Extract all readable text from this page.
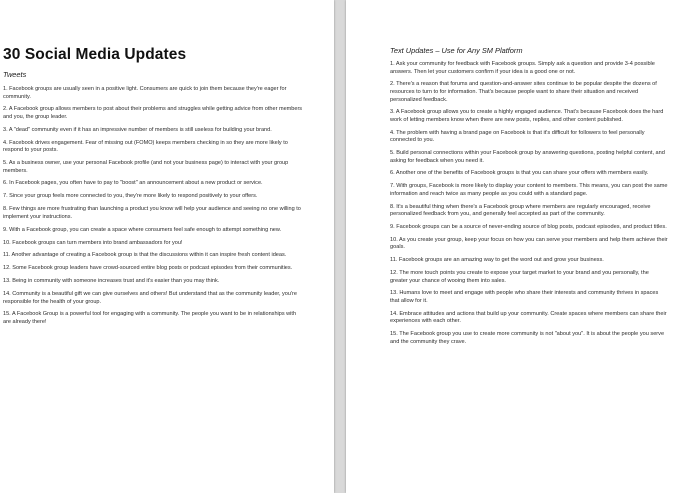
30 Social Media Updates
Tweets

1. Facebook groups are usually seen in a positive light. Consumers are quick to join them because they're eager for community.

2. A Facebook group allows members to post about their problems and struggles while getting advice from other members and you, the group leader.

3. A "dead" community even if it has an impressive number of members is still useless for building your brand.

4. Facebook drives engagement. Fear of missing out (FOMO) keeps members checking in so they are more likely to respond to your posts.

5. As a business owner, use your personal Facebook profile (and not your business page) to interact with your group members.

6. In Facebook pages, you often have to pay to "boost" an announcement about a new product or service.

7. Since your group feels more connected to you, they're more likely to respond positively to your offers.

8. Few things are more frustrating than launching a product you know will help your audience and seeing no one willing to implement your instructions.

9. With a Facebook group, you can create a space where consumers feel safe enough to attempt something new.

10. Facebook groups can turn members into brand ambassadors for you!

11. Another advantage of creating a Facebook group is that the discussions within it can inspire fresh content ideas.

12. Some Facebook group leaders have crowd-sourced entire blog posts or podcast episodes from their communities.

13. Being in community with someone increases trust and it's easier than you may think.

14. Community is a beautiful gift we can give ourselves and others! But understand that as the community leader, you're responsible for the health of your group.

15. A Facebook Group is a powerful tool for engaging with a community. The people you want to be in relationships with are already there!

Text Updates – Use for Any SM Platform

1. Ask your community for feedback with Facebook groups. Simply ask a question and provide 3-4 possible answers. Then let your customers confirm if your idea is a good one or not.

2. There's a reason that forums and question-and-answer sites continue to be popular despite the dozens of resources to turn to for information. That's because people want to share their situation and received personalized feedback.

3. A Facebook group allows you to create a highly engaged audience. That's because Facebook does the hard work of letting members know when there are new posts, replies, and other content published.

4. The problem with having a brand page on Facebook is that it's difficult for followers to feel personally connected to you.

5. Build personal connections within your Facebook group by answering questions, posting helpful content, and asking for feedback when you need it.

6. Another one of the benefits of Facebook groups is that you can share your offers with members easily.

7. With groups, Facebook is more likely to display your content to members. This means, you can post the same information and reach twice as many people as you could with a standard page.

8. It's a beautiful thing when there's a Facebook group where members are regularly encouraged, receive personalized feedback from you, and generally feel accepted as part of the community.

9. Facebook groups can be a source of never-ending source of blog posts, podcast episodes, and product titles.

10. As you create your group, keep your focus on how you can serve your members and help them achieve their goals.

11. Facebook groups are an amazing way to get the word out and grow your business.

12. The more touch points you create to expose your target market to your brand and you personally, the greater your chance of wooing them into sales.

13. Humans love to meet and engage with people who share their interests and community thrives in spaces that allow for it.

14. Embrace attitudes and actions that build up your community. Create spaces where members can share their experiences with each other.

15. The Facebook group you use to create more community is not "about you". It is about the people you serve and the community they crave.
